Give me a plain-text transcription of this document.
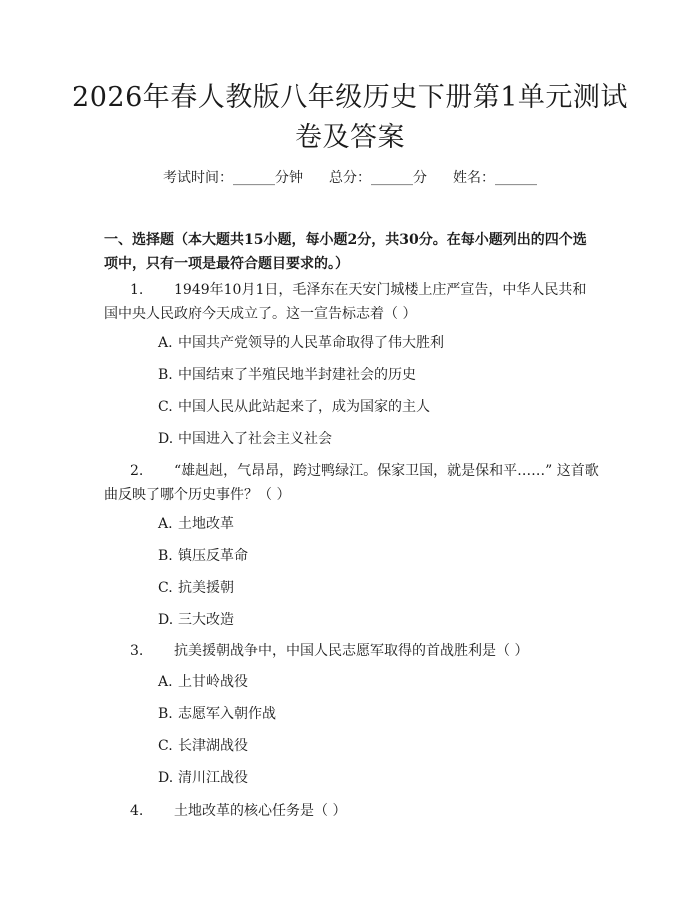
2026年春人教版八年级历史下册第1单元测试卷及答案
考试时间：______分钟 总分：______分 姓名：______
一、选择题（本大题共15小题，每小题2分，共30分。在每小题列出的四个选项中，只有一项是最符合题目要求的。）
1. 1949年10月1日，毛泽东在天安门城楼上庄严宣告，中华人民共和国中央人民政府今天成立了。这一宣告标志着（ ）
A. 中国共产党领导的人民革命取得了伟大胜利
B. 中国结束了半殖民地半封建社会的历史
C. 中国人民从此站起来了，成为国家的主人
D. 中国进入了社会主义社会
2. “雄赳赳，气昂昂，跨过鸭绿江。保家卫国，就是保和平……” 这首歌曲反映了哪个历史事件？（ ）
A. 土地改革
B. 镇压反革命
C. 抗美援朝
D. 三大改造
3. 抗美援朝战争中，中国人民志愿军取得的首战胜利是（ ）
A. 上甘岭战役
B. 志愿军入朝作战
C. 长津湖战役
D. 清川江战役
4. 土地改革的核心任务是（ ）
